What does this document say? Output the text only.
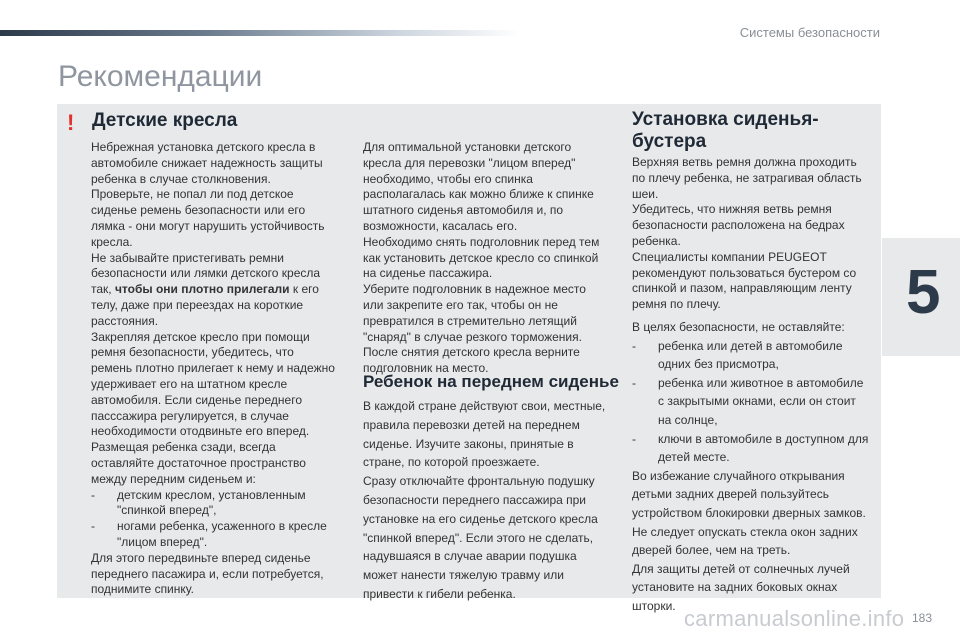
Системы безопасности
5
Рекомендации
! Детские кресла

Небрежная установка детского кресла в автомобиле снижает надежность защиты ребенка в случае столкновения.

Проверьте, не попал ли под детское сиденье ремень безопасности или его лямка - они могут нарушить устойчивость кресла.

Не забывайте пристегивать ремни безопасности или лямки детского кресла так, чтобы они плотно прилегали к его телу, даже при переездах на короткие расстояния.

Закрепляя детское кресло при помощи ремня безопасности, убедитесь, что ремень плотно прилегает к нему и надежно удерживает его на штатном кресле автомобиля. Если сиденье переднего пасссажира регулируется, в случае необходимости отодвиньте его вперед.

Размещая ребенка сзади, всегда оставляйте достаточное пространство между передним сиденьем и:

-	детским креслом, установленным "спинкой вперед",
-	ногами ребенка, усаженного в кресле "лицом вперед".

Для этого передвиньте вперед сиденье переднего пасажира и, если потребуется, поднимите спинку.

Для оптимальной установки детского кресла для перевозки "лицом вперед" необходимо, чтобы его спинка располагалась как можно ближе к спинке штатного сиденья автомобиля и, по возможности, касалась его.

Необходимо снять подголовник перед тем как установить детское кресло со спинкой на сиденье пассажира.

Уберите подголовник в надежное место или закрепите его так, чтобы он не превратился в стремительно летящий "снаряд" в случае резкого торможения.

После снятия детского кресла верните подголовник на место.

Ребенок на переднем сиденье

В каждой стране действуют свои, местные, правила перевозки детей на переднем сиденье. Изучите законы, принятые в стране, по которой проезжаете.

Сразу отключайте фронтальную подушку безопасности переднего пассажира при установке на его сиденье детского кресла "спинкой вперед". Если этого не сделать, надувшаяся в случае аварии подушка может нанести тяжелую травму или привести к гибели ребенка.

Установка сиденья-бустера

Верхняя ветвь ремня должна проходить по плечу ребенка, не затрагивая область шеи.

Убедитесь, что нижняя ветвь ремня безопасности расположена на бедрах ребенка.

Специалисты компании PEUGEOT рекомендуют пользоваться бустером со спинкой и пазом, направляющим ленту ремня по плечу.

В целях безопасности, не оставляйте:

-	ребенка или детей в автомобиле одних без присмотра,
-	ребенка или животное в автомобиле с закрытыми окнами, если он стоит на солнце,
-	ключи в автомобиле в доступном для детей месте.

Во избежание случайного открывания детьми задних дверей пользуйтесь устройством блокировки дверных замков.

Не следует опускать стекла окон задних дверей более, чем на треть.

Для защиты детей от солнечных лучей установите на задних боковых окнах шторки.

carmanualsonline.info 183
